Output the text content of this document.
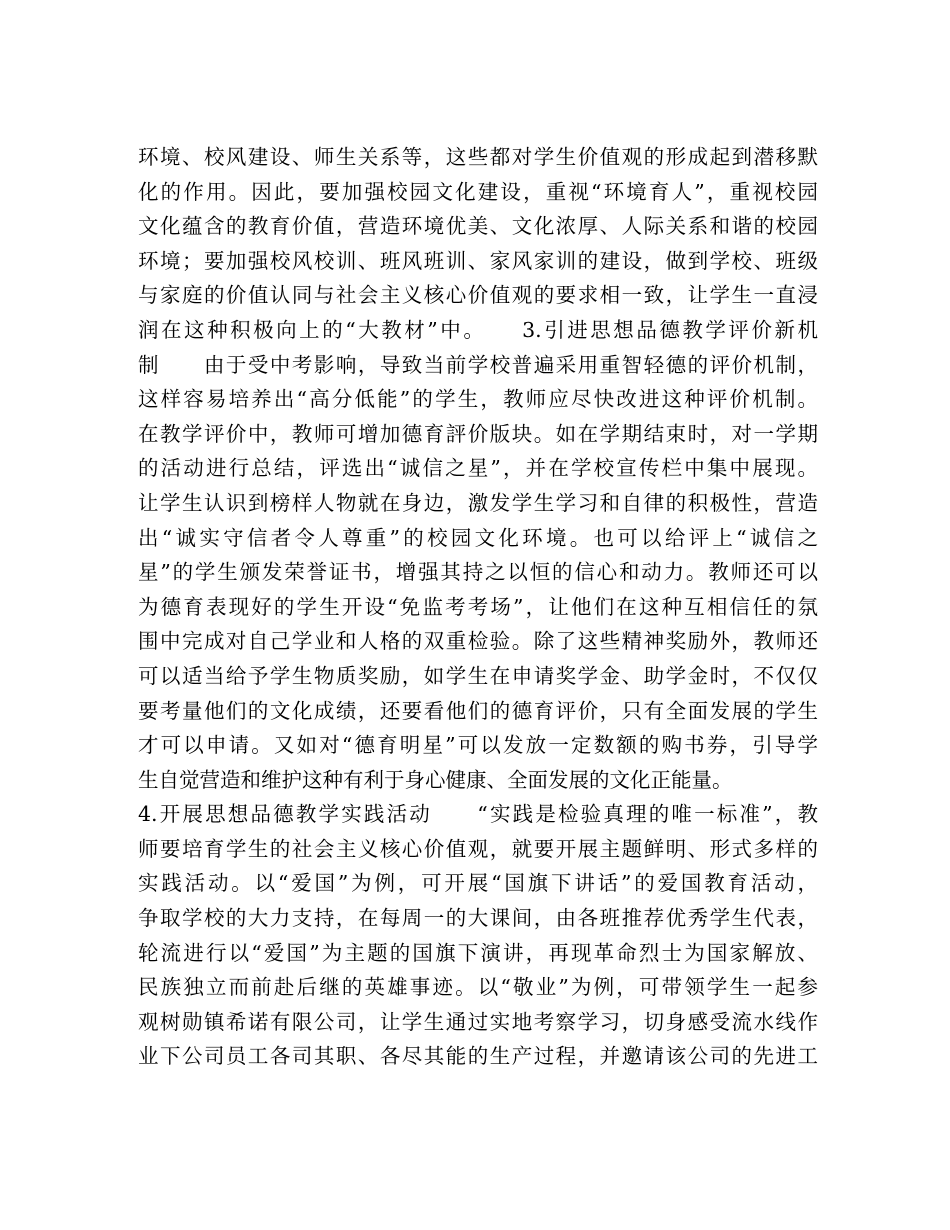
环境、校风建设、师生关系等，这些都对学生价值观的形成起到潜移默
化的作用。因此，要加强校园文化建设，重视“环境育人”，重视校园
文化蕴含的教育价值，营造环境优美、文化浓厚、人际关系和谐的校园
环境；要加强校风校训、班风班训、家风家训的建设，做到学校、班级
与家庭的价值认同与社会主义核心价值观的要求相一致，让学生一直浸
润在这种积极向上的“大教材”中。　　3.引进思想品德教学评价新机
制　　由于受中考影响，导致当前学校普遍采用重智轻德的评价机制，
这样容易培养出“高分低能”的学生，教师应尽快改进这种评价机制。
在教学评价中，教师可增加德育評价版块。如在学期结束时，对一学期
的活动进行总结，评选出“诚信之星”，并在学校宣传栏中集中展现。
让学生认识到榜样人物就在身边，激发学生学习和自律的积极性，营造
出“诚实守信者令人尊重”的校园文化环境。也可以给评上“诚信之
星”的学生颁发荣誉证书，增强其持之以恒的信心和动力。教师还可以
为德育表现好的学生开设“免监考考场”，让他们在这种互相信任的氛
围中完成对自己学业和人格的双重检验。除了这些精神奖励外，教师还
可以适当给予学生物质奖励，如学生在申请奖学金、助学金时，不仅仅
要考量他们的文化成绩，还要看他们的德育评价，只有全面发展的学生
才可以申请。又如对“德育明星”可以发放一定数额的购书券，引导学
生自觉营造和维护这种有利于身心健康、全面发展的文化正能量。
4.开展思想品德教学实践活动　　“实践是检验真理的唯一标准”，教
师要培育学生的社会主义核心价值观，就要开展主题鲜明、形式多样的
实践活动。以“爱国”为例，可开展“国旗下讲话”的爱国教育活动，
争取学校的大力支持，在每周一的大课间，由各班推荐优秀学生代表，
轮流进行以“爱国”为主题的国旗下演讲，再现革命烈士为国家解放、
民族独立而前赴后继的英雄事迹。以“敬业”为例，可带领学生一起参
观树勋镇希诺有限公司，让学生通过实地考察学习，切身感受流水线作
业下公司员工各司其职、各尽其能的生产过程，并邀请该公司的先进工
